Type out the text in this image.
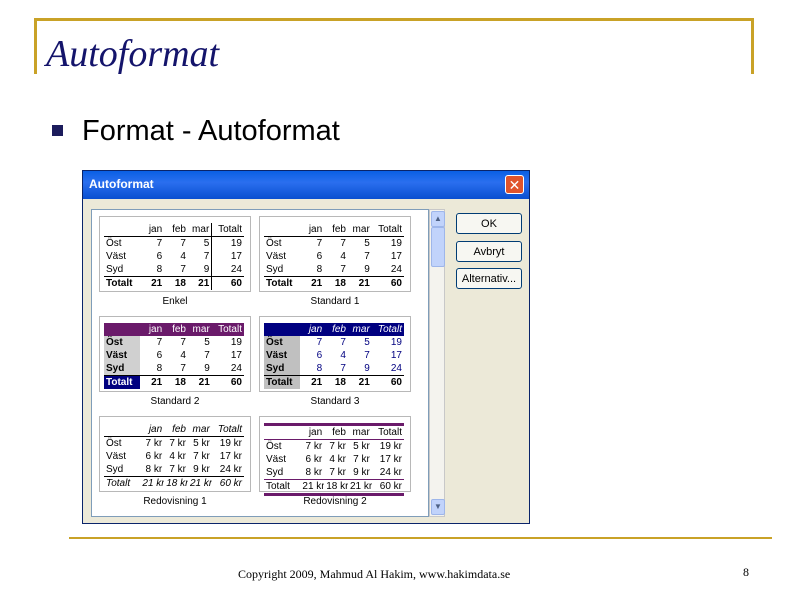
Autoformat
Format - Autoformat
Autoformat	✕
	jan	feb	mar	Totalt
Öst	7	7	5	19
Väst	6	4	7	17
Syd	8	7	9	24
Totalt	21	18	21	60
Enkel
	jan	feb	mar	Totalt
Öst	7	7	5	19
Väst	6	4	7	17
Syd	8	7	9	24
Totalt	21	18	21	60
Standard 1
	jan	feb	mar	Totalt
Öst	7	7	5	19
Väst	6	4	7	17
Syd	8	7	9	24
Totalt	21	18	21	60
Standard 2
	jan	feb	mar	Totalt
Öst	7	7	5	19
Väst	6	4	7	17
Syd	8	7	9	24
Totalt	21	18	21	60
Standard 3
	jan	feb	mar	Totalt
Öst	7 kr	7 kr	5 kr	19 kr
Väst	6 kr	4 kr	7 kr	17 kr
Syd	8 kr	7 kr	9 kr	24 kr
Totalt	21 kr	18 kr	21 kr	60 kr
Redovisning 1
	jan	feb	mar	Totalt
Öst	7 kr	7 kr	5 kr	19 kr
Väst	6 kr	4 kr	7 kr	17 kr
Syd	8 kr	7 kr	9 kr	24 kr
Totalt	21 kr	18 kr	21 kr	60 kr
Redovisning 2
▲
▼
OK
Avbryt
Alternativ...
Copyright 2009, Mahmud Al Hakim, www.hakimdata.se	8
